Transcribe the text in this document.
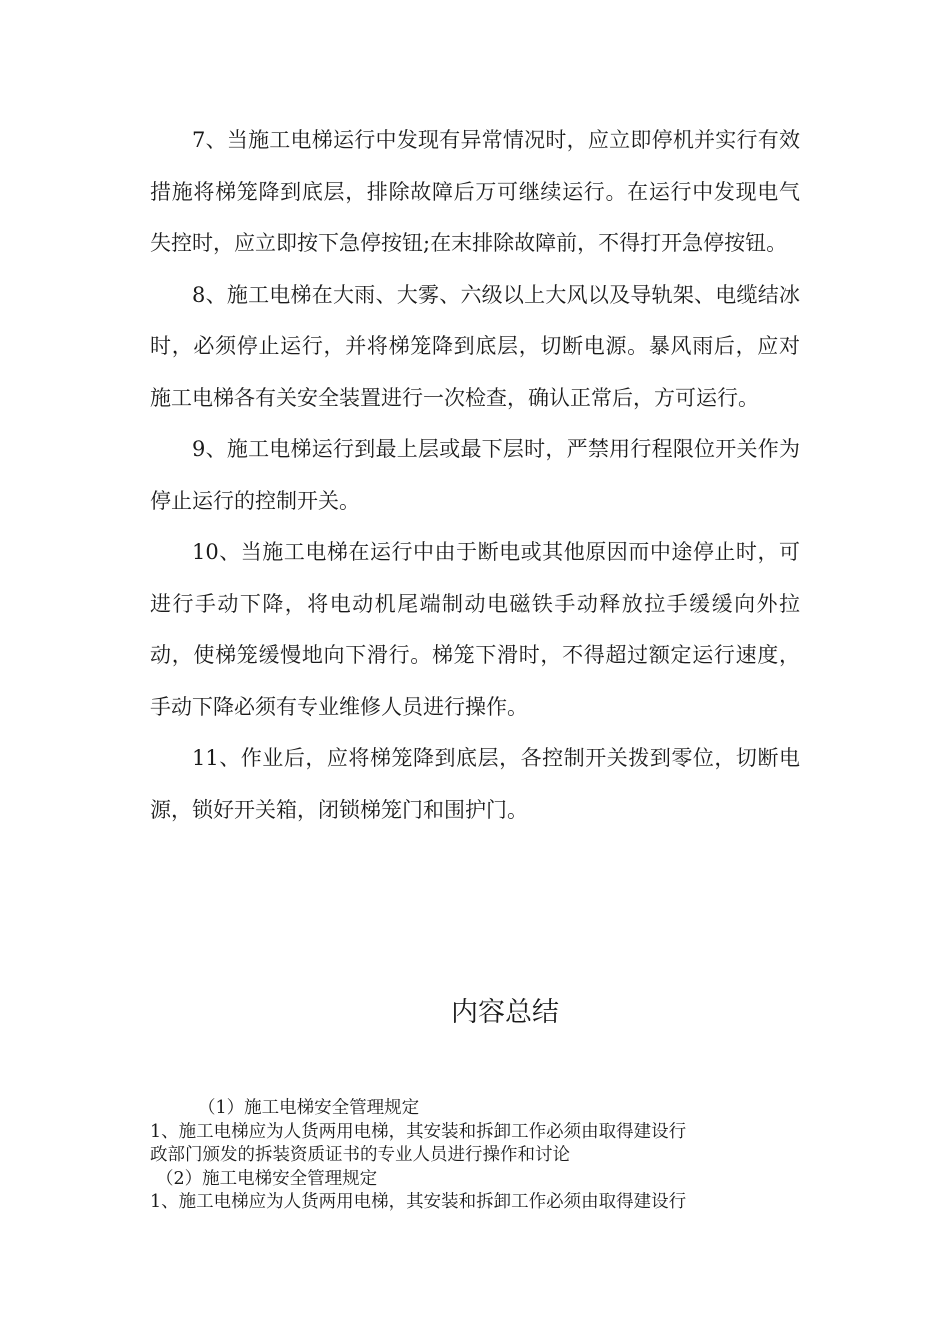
7、当施工电梯运行中发现有异常情况时，应立即停机并实行有效措施将梯笼降到底层，排除故障后万可继续运行。在运行中发现电气失控时，应立即按下急停按钮;在末排除故障前，不得打开急停按钮。

8、施工电梯在大雨、大雾、六级以上大风以及导轨架、电缆结冰时，必须停止运行，并将梯笼降到底层，切断电源。暴风雨后，应对施工电梯各有关安全装置进行一次检查，确认正常后，方可运行。

9、施工电梯运行到最上层或最下层时，严禁用行程限位开关作为停止运行的控制开关。

10、当施工电梯在运行中由于断电或其他原因而中途停止时，可进行手动下降，将电动机尾端制动电磁铁手动释放拉手缓缓向外拉动，使梯笼缓慢地向下滑行。梯笼下滑时，不得超过额定运行速度，手动下降必须有专业维修人员进行操作。

11、作业后，应将梯笼降到底层，各控制开关拨到零位，切断电源，锁好开关箱，闭锁梯笼门和围护门。

内容总结

（1）施工电梯安全管理规定

1、施工电梯应为人货两用电梯，其安装和拆卸工作必须由取得建设行

政部门颁发的拆装资质证书的专业人员进行操作和讨论

（2）施工电梯安全管理规定

1、施工电梯应为人货两用电梯，其安装和拆卸工作必须由取得建设行
